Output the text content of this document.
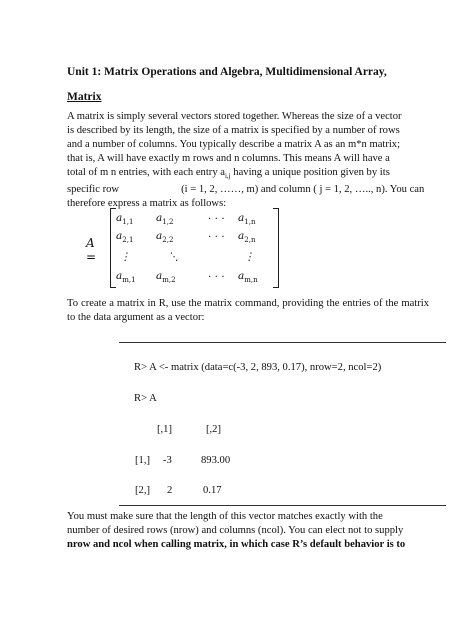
Unit 1: Matrix Operations and Algebra, Multidimensional Array,
Matrix
A matrix is simply several vectors stored together. Whereas the size of a vector
is described by its length, the size of a matrix is specified by a number of rows
and a number of columns. You typically describe a matrix A as an m*n matrix;
that is, A will have exactly m rows and n columns. This means A will have a
total of m n entries, with each entry $a_{i,j}$ having a unique position given by its
specific row	(i = 1, 2, ……, m) and column ( j = 1, 2, ….., n). You can
therefore express a matrix as follows:
A =
$a_{1,1}$	$a_{1,2}$	· · ·	$a_{1,n}$
$a_{2,1}$	$a_{2,2}$	· · ·	$a_{2,n}$
⋮	⋱	⋮
$a_{m,1}$	$a_{m,2}$	· · ·	$a_{m,n}$

To create a matrix in R, use the matrix command, providing the entries of the matrix to the data argument as a vector:

R> A <- matrix (data=c(-3, 2, 893, 0.17), nrow=2, ncol=2)
R> A
[,1]	[,2]
[1,] -3	893.00
[2,] 2	0.17
You must make sure that the length of this vector matches exactly with the
number of desired rows (nrow) and columns (ncol). You can elect not to supply
nrow and ncol when calling matrix, in which case R’s default behavior is to
